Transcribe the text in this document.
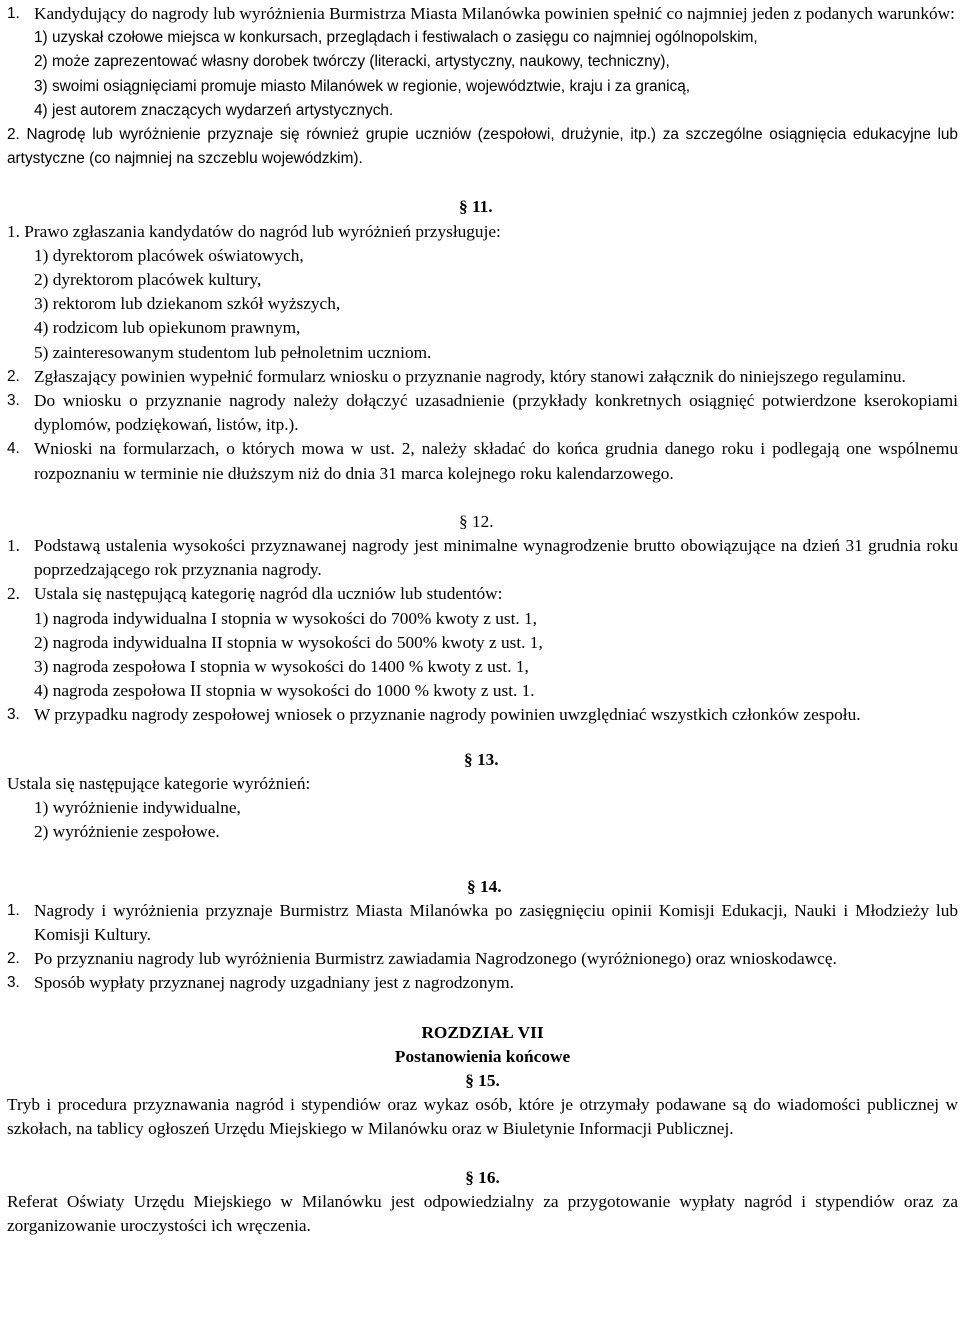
1. Kandydujący do nagrody lub wyróżnienia Burmistrza Miasta Milanówka powinien spełnić co najmniej jeden z podanych warunków:
1) uzyskał czołowe miejsca w konkursach, przeglądach i festiwalach o zasięgu co najmniej ogólnopolskim,
2) może zaprezentować własny dorobek twórczy (literacki, artystyczny, naukowy, techniczny),
3) swoimi osiągnięciami promuje miasto Milanówek w regionie, województwie, kraju i za granicą,
4) jest autorem znaczących wydarzeń artystycznych.
2. Nagrodę lub wyróżnienie przyznaje się również grupie uczniów (zespołowi, drużynie, itp.) za szczególne osiągnięcia edukacyjne lub artystyczne (co najmniej na szczeblu wojewódzkim).
§ 11.
1. Prawo zgłaszania kandydatów do nagród lub wyróżnień przysługuje:
1) dyrektorom placówek oświatowych,
2) dyrektorom placówek kultury,
3) rektorom lub dziekanom szkół wyższych,
4) rodzicom lub opiekunom prawnym,
5) zainteresowanym studentom lub pełnoletnim uczniom.
2. Zgłaszający powinien wypełnić formularz wniosku o przyznanie nagrody, który stanowi załącznik do niniejszego regulaminu.
3. Do wniosku o przyznanie nagrody należy dołączyć uzasadnienie (przykłady konkretnych osiągnięć potwierdzone kserokopiami dyplomów, podziękowań, listów, itp.).
4. Wnioski na formularzach, o których mowa w ust. 2, należy składać do końca grudnia danego roku i podlegają one wspólnemu rozpoznaniu w terminie nie dłuższym niż do dnia 31 marca kolejnego roku kalendarzowego.
§ 12.
1. Podstawą ustalenia wysokości przyznawanej nagrody jest minimalne wynagrodzenie brutto obowiązujące na dzień 31 grudnia roku poprzedzającego rok przyznania nagrody.
2. Ustala się następującą kategorię nagród dla uczniów lub studentów:
1) nagroda indywidualna I stopnia w wysokości do 700% kwoty z ust. 1,
2) nagroda indywidualna II stopnia w wysokości do 500% kwoty z ust. 1,
3) nagroda zespołowa I stopnia w wysokości do 1400 % kwoty z ust. 1,
4) nagroda zespołowa II stopnia w wysokości do 1000 % kwoty z ust. 1.
3. W przypadku nagrody zespołowej wniosek o przyznanie nagrody powinien uwzględniać wszystkich członków zespołu.
§ 13.
Ustala się następujące kategorie wyróżnień:
1) wyróżnienie indywidualne,
2) wyróżnienie zespołowe.
§ 14.
1. Nagrody i wyróżnienia przyznaje Burmistrz Miasta Milanówka po zasięgnięciu opinii Komisji Edukacji, Nauki i Młodzieży lub Komisji Kultury.
2. Po przyznaniu nagrody lub wyróżnienia Burmistrz zawiadamia Nagrodzonego (wyróżnionego) oraz wnioskodawcę.
3. Sposób wypłaty przyznanej nagrody uzgadniany jest z nagrodzonym.
ROZDZIAŁ VII
Postanowienia końcowe
§ 15.
Tryb i procedura przyznawania nagród i stypendiów oraz wykaz osób, które je otrzymały podawane są do wiadomości publicznej w szkołach, na tablicy ogłoszeń Urzędu Miejskiego w Milanówku oraz w Biuletynie Informacji Publicznej.
§ 16.
Referat Oświaty Urzędu Miejskiego w Milanówku jest odpowiedzialny za przygotowanie wypłaty nagród i stypendiów oraz za zorganizowanie uroczystości ich wręczenia.
